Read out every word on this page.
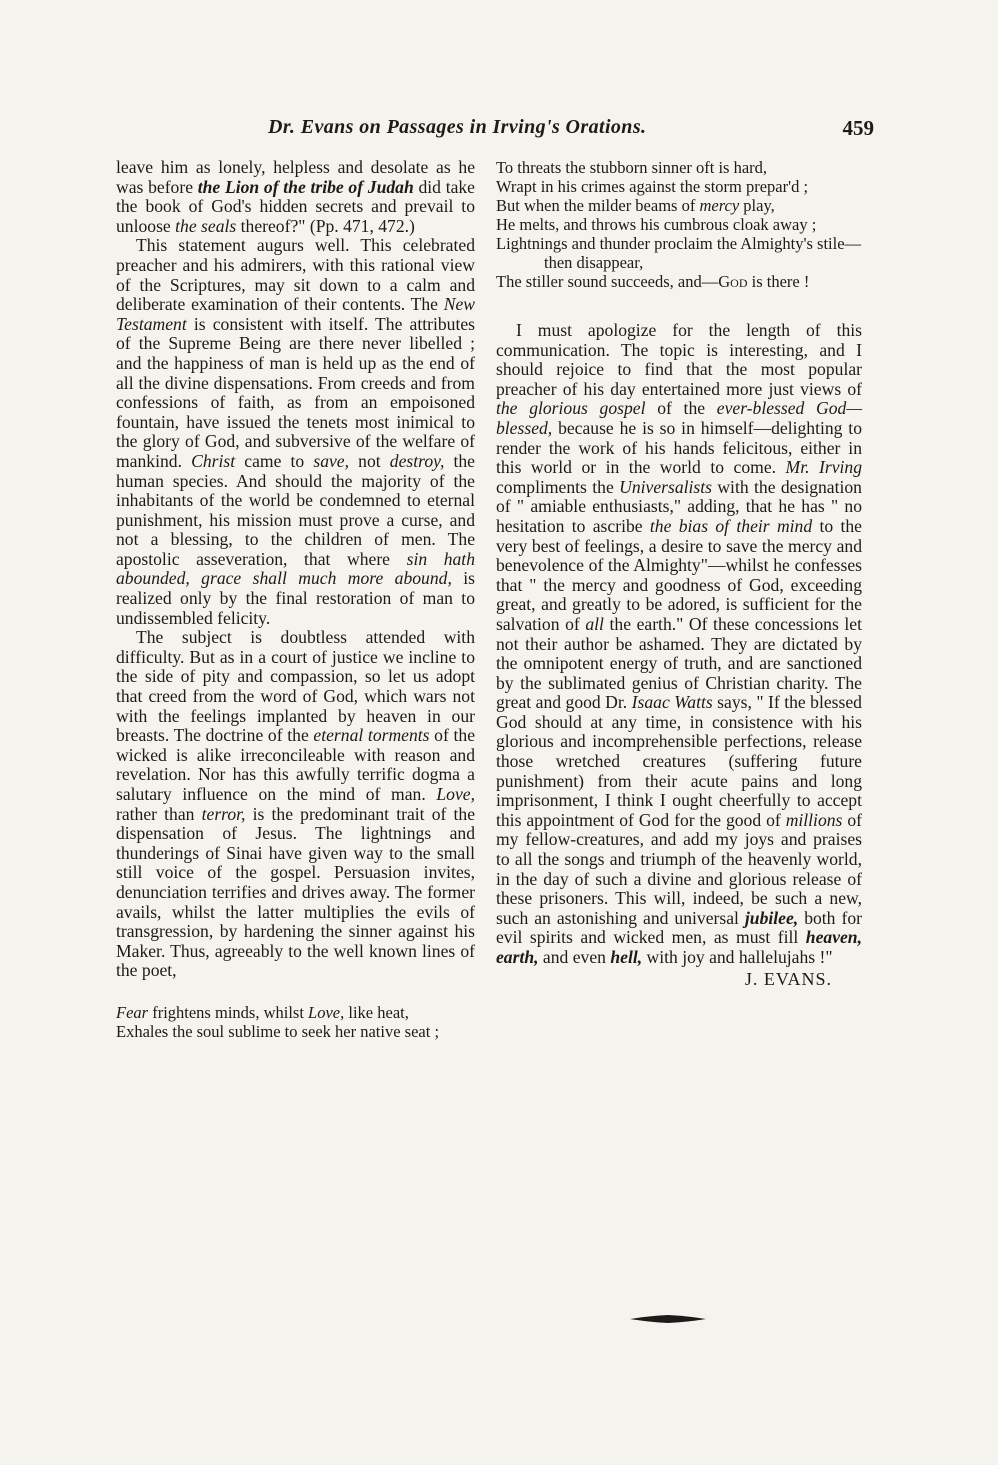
Dr. Evans on Passages in Irving's Orations.	459

leave him as lonely, helpless and desolate as he was before the Lion of the tribe of Judah did take the book of God's hidden secrets and prevail to unloose the seals thereof?" (Pp. 471, 472.)

This statement augurs well. This celebrated preacher and his admirers, with this rational view of the Scriptures, may sit down to a calm and deliberate examination of their contents. The New Testament is consistent with itself. The attributes of the Supreme Being are there never libelled ; and the happiness of man is held up as the end of all the divine dispensations. From creeds and from confessions of faith, as from an empoisoned fountain, have issued the tenets most inimical to the glory of God, and subversive of the welfare of mankind. Christ came to save, not destroy, the human species. And should the majority of the inhabitants of the world be condemned to eternal punishment, his mission must prove a curse, and not a blessing, to the children of men. The apostolic asseveration, that where sin hath abounded, grace shall much more abound, is realized only by the final restoration of man to undissembled felicity.

The subject is doubtless attended with difficulty. But as in a court of justice we incline to the side of pity and compassion, so let us adopt that creed from the word of God, which wars not with the feelings implanted by heaven in our breasts. The doctrine of the eternal torments of the wicked is alike irreconcileable with reason and revelation. Nor has this awfully terrific dogma a salutary influence on the mind of man. Love, rather than terror, is the predominant trait of the dispensation of Jesus. The lightnings and thunderings of Sinai have given way to the small still voice of the gospel. Persuasion invites, denunciation terrifies and drives away. The former avails, whilst the latter multiplies the evils of transgression, by hardening the sinner against his Maker. Thus, agreeably to the well known lines of the poet,

Fear frightens minds, whilst Love, like heat,

Exhales the soul sublime to seek her native seat ;

To threats the stubborn sinner oft is hard,

Wrapt in his crimes against the storm prepar'd ;

But when the milder beams of mercy play,

He melts, and throws his cumbrous cloak away ;

Lightnings and thunder proclaim the Almighty's stile—then disappear,

The stiller sound succeeds, and—God is there !

I must apologize for the length of this communication. The topic is interesting, and I should rejoice to find that the most popular preacher of his day entertained more just views of the glorious gospel of the ever-blessed God—blessed, because he is so in himself—delighting to render the work of his hands felicitous, either in this world or in the world to come. Mr. Irving compliments the Universalists with the designation of " amiable enthusiasts," adding, that he has " no hesitation to ascribe the bias of their mind to the very best of feelings, a desire to save the mercy and benevolence of the Almighty"—whilst he confesses that " the mercy and goodness of God, exceeding great, and greatly to be adored, is sufficient for the salvation of all the earth." Of these concessions let not their author be ashamed. They are dictated by the omnipotent energy of truth, and are sanctioned by the sublimated genius of Christian charity. The great and good Dr. Isaac Watts says, " If the blessed God should at any time, in consistence with his glorious and incomprehensible perfections, release those wretched creatures (suffering future punishment) from their acute pains and long imprisonment, I think I ought cheerfully to accept this appointment of God for the good of millions of my fellow-creatures, and add my joys and praises to all the songs and triumph of the heavenly world, in the day of such a divine and glorious release of these prisoners. This will, indeed, be such a new, such an astonishing and universal jubilee, both for evil spirits and wicked men, as must fill heaven, earth, and even hell, with joy and hallelujahs !"

J. EVANS.
